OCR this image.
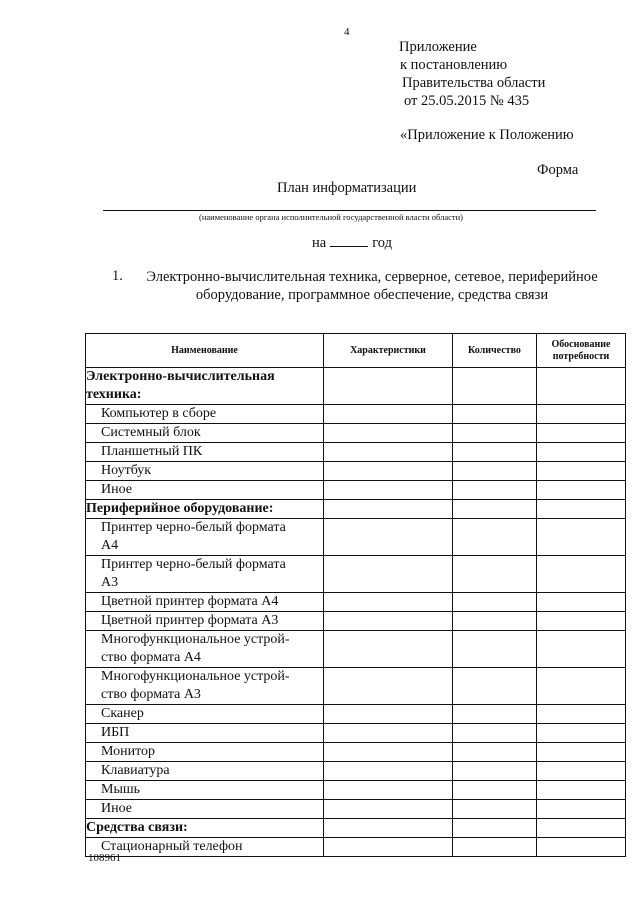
4
Приложение
к постановлению
Правительства области
от 25.05.2015 № 435
«Приложение к Положению
Форма
План информатизации
(наименование органа исполнительной государственной власти области)
на	год
1.	Электронно-вычислительная техника, серверное, сетевое, периферийное
оборудование, программное обеспечение, средства связи
Наименование	Характеристики	Количество	Обоснование
потребности

Электронно-вычислительная
техника:			

Компьютер в сборе			

Системный блок			

Планшетный ПК			

Ноутбук			

Иное			

Периферийное оборудование:			

Принтер черно-белый формата
А4			

Принтер черно-белый формата
А3			

Цветной принтер формата А4			

Цветной принтер формата А3			

Многофункциональное устрой-
ство формата А4			

Многофункциональное устрой-
ство формата А3			

Сканер			

ИБП			

Монитор			

Клавиатура			

Мышь			

Иное			

Средства связи:			

Стационарный телефон			

108961
